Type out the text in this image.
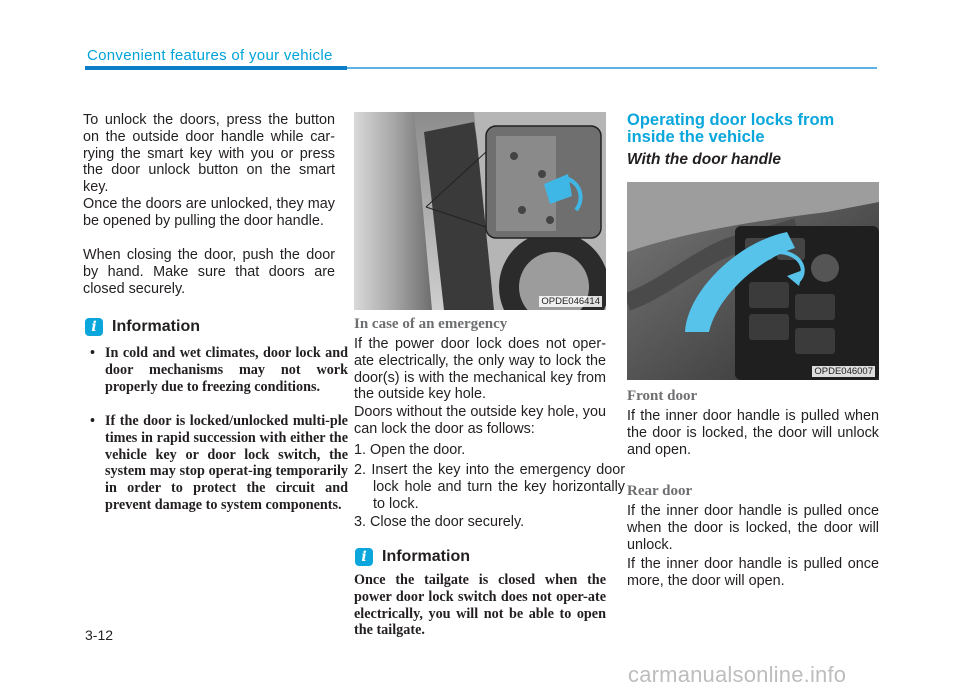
Convenient features of your vehicle

To unlock the doors, press the button on the outside door handle while car-rying the smart key with you or press the door unlock button on the smart key.

Once the doors are unlocked, they may be opened by pulling the door handle.

When closing the door, push the door by hand. Make sure that doors are closed securely.

i Information

• In cold and wet climates, door lock and door mechanisms may not work properly due to freezing conditions.

• If the door is locked/unlocked multi-ple times in rapid succession with either the vehicle key or door lock switch, the system may stop operat-ing temporarily in order to protect the circuit and prevent damage to system components.

OPDE046414
In case of an emergency

If the power door lock does not oper-ate electrically, the only way to lock the door(s) is with the mechanical key from the outside key hole.

Doors without the outside key hole, you can lock the door as follows:

1. Open the door.

2. Insert the key into the emergency door lock hole and turn the key horizontally to lock.

3. Close the door securely.

i Information

Once the tailgate is closed when the power door lock switch does not oper-ate electrically, you will not be able to open the tailgate.

Operating door locks from inside the vehicle
With the door handle
OPDE046007
Front door

If the inner door handle is pulled when the door is locked, the door will unlock and open.

Rear door

If the inner door handle is pulled once when the door is locked, the door will unlock.

If the inner door handle is pulled once more, the door will open.

3-12
carmanualsonline.info
